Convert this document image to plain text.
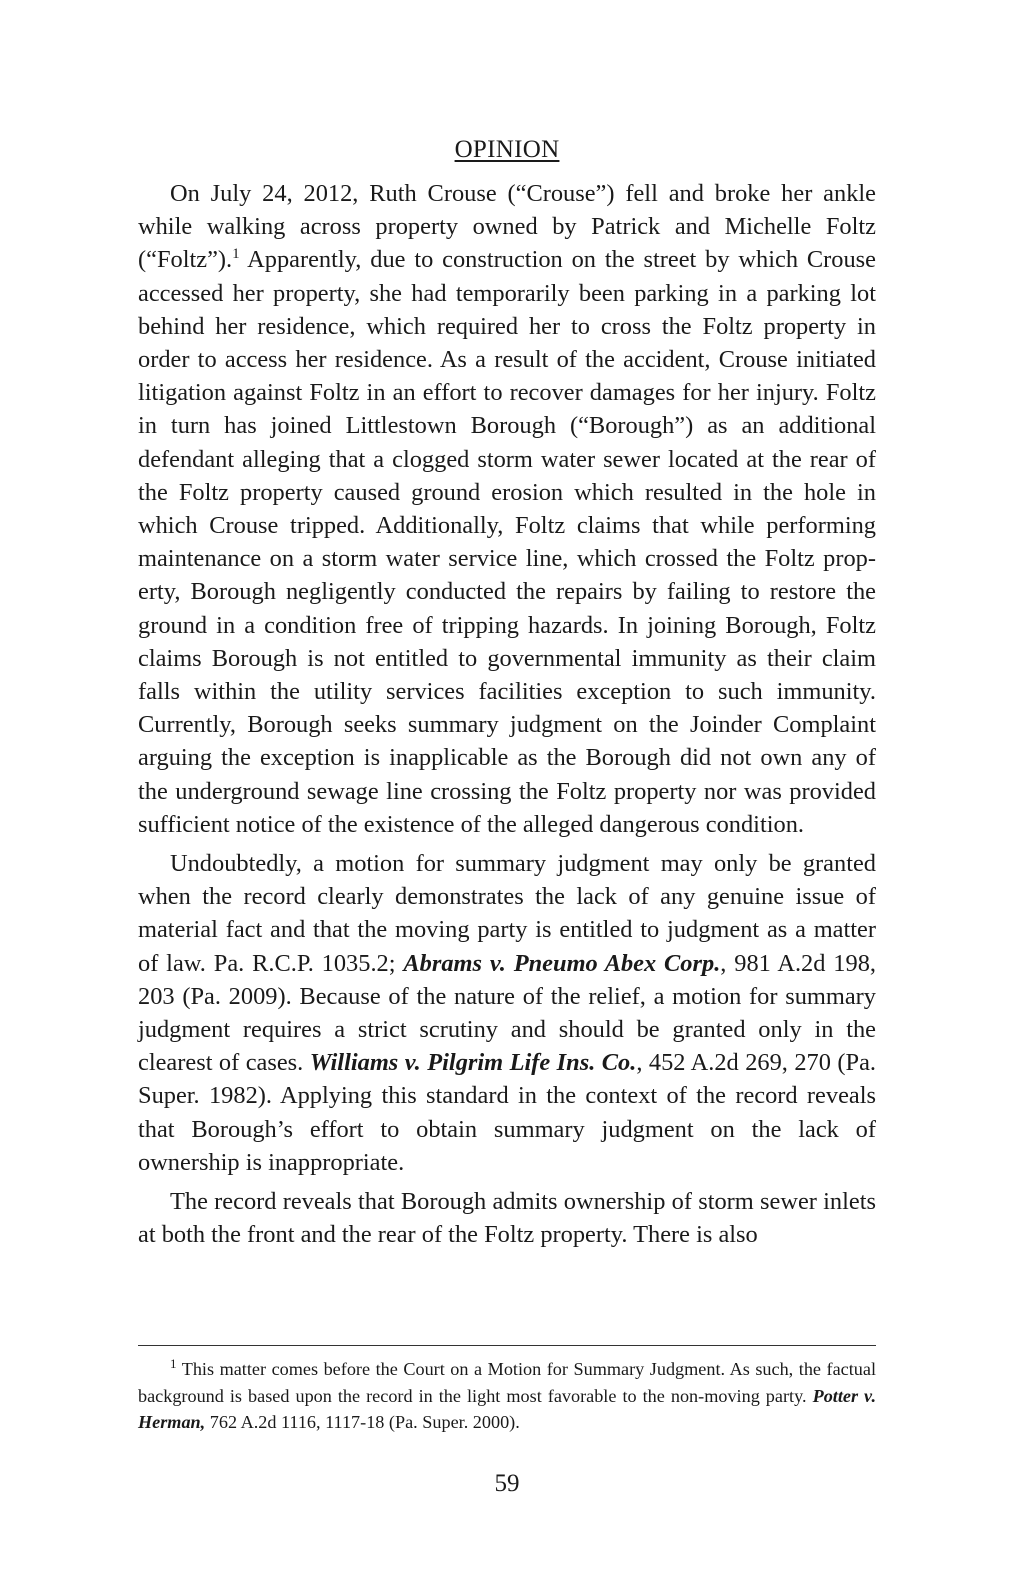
OPINION

On July 24, 2012, Ruth Crouse (“Crouse”) fell and broke her ankle while walking across property owned by Patrick and Michelle Foltz (“Foltz”).$^1$ Apparently, due to construction on the street by which Crouse accessed her property, she had temporarily been parking in a parking lot behind her residence, which required her to cross the Foltz property in order to access her residence. As a result of the accident, Crouse initiated litigation against Foltz in an effort to recover damages for her injury. Foltz in turn has joined Littlestown Borough (“Borough”) as an additional defendant alleging that a clogged storm water sewer located at the rear of the Foltz property caused ground erosion which resulted in the hole in which Crouse tripped. Additionally, Foltz claims that while performing maintenance on a storm water service line, which crossed the Foltz property, Borough negligently conducted the repairs by failing to restore the ground in a condition free of tripping hazards. In joining Borough, Foltz claims Borough is not entitled to governmental immunity as their claim falls within the utility services facilities exception to such immunity. Currently, Borough seeks summary judgment on the Joinder Complaint arguing the exception is inapplicable as the Borough did not own any of the underground sewage line crossing the Foltz property nor was provided sufficient notice of the existence of the alleged dangerous condition.

Undoubtedly, a motion for summary judgment may only be granted when the record clearly demonstrates the lack of any genuine issue of material fact and that the moving party is entitled to judgment as a matter of law. Pa. R.C.P. 1035.2; Abrams v. Pneumo Abex Corp., 981 A.2d 198, 203 (Pa. 2009). Because of the nature of the relief, a motion for summary judgment requires a strict scrutiny and should be granted only in the clearest of cases. Williams v. Pilgrim Life Ins. Co., 452 A.2d 269, 270 (Pa. Super. 1982). Applying this standard in the context of the record reveals that Borough’s effort to obtain summary judgment on the lack of ownership is inappropriate.

The record reveals that Borough admits ownership of storm sewer inlets at both the front and the rear of the Foltz property. There is also

$^1$ This matter comes before the Court on a Motion for Summary Judgment. As such, the factual background is based upon the record in the light most favorable to the non-moving party. Potter v. Herman, 762 A.2d 1116, 1117-18 (Pa. Super. 2000).

59
